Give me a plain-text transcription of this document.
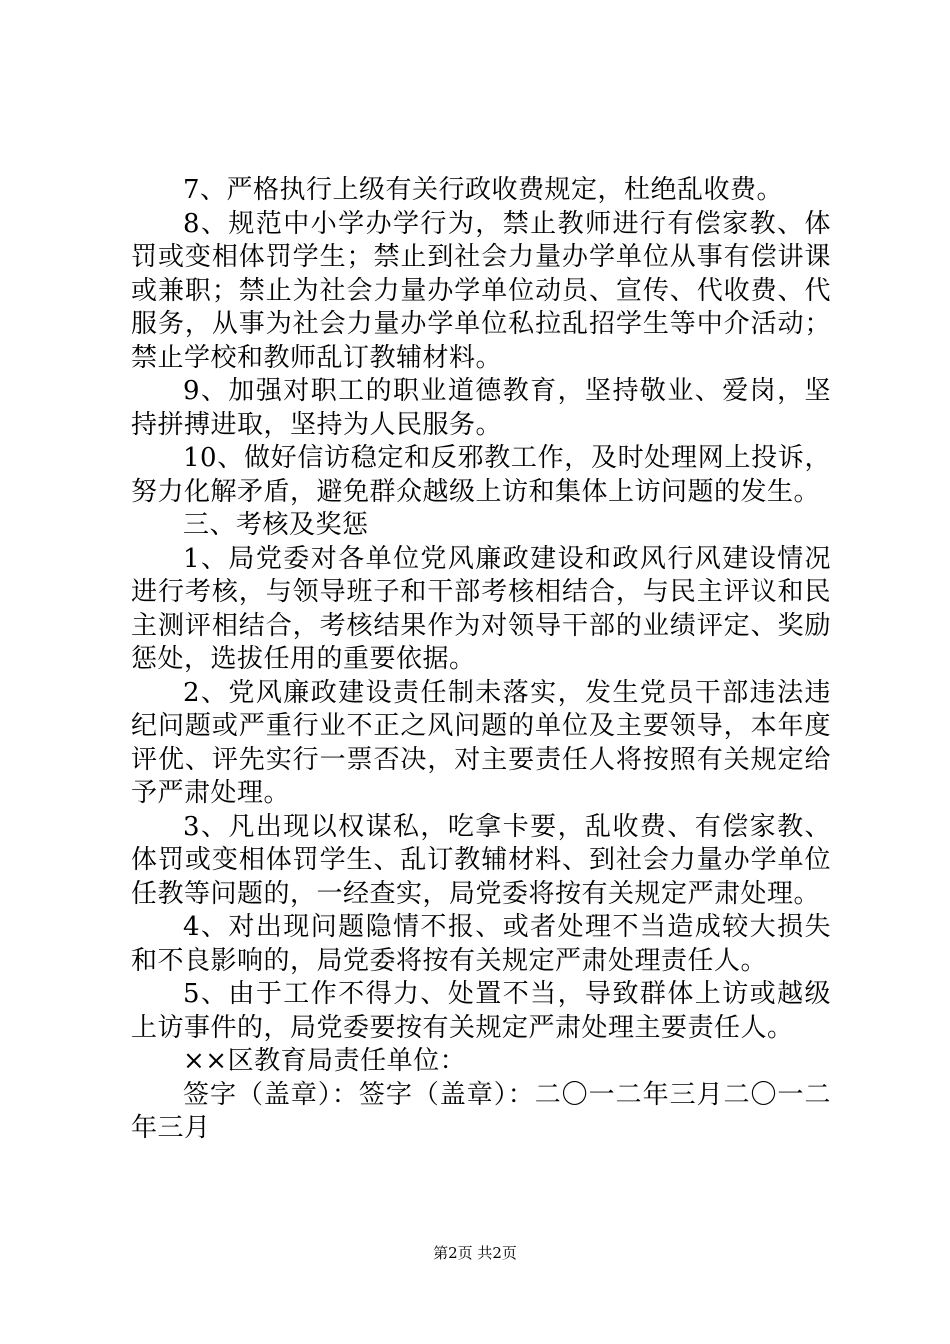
7、严格执行上级有关行政收费规定，杜绝乱收费。

8、规范中小学办学行为，禁止教师进行有偿家教、体罚或变相体罚学生；禁止到社会力量办学单位从事有偿讲课或兼职；禁止为社会力量办学单位动员、宣传、代收费、代服务，从事为社会力量办学单位私拉乱招学生等中介活动；禁止学校和教师乱订教辅材料。

9、加强对职工的职业道德教育，坚持敬业、爱岗，坚持拼搏进取，坚持为人民服务。

10、做好信访稳定和反邪教工作，及时处理网上投诉，努力化解矛盾，避免群众越级上访和集体上访问题的发生。

三、考核及奖惩

1、局党委对各单位党风廉政建设和政风行风建设情况进行考核，与领导班子和干部考核相结合，与民主评议和民主测评相结合，考核结果作为对领导干部的业绩评定、奖励惩处，选拔任用的重要依据。

2、党风廉政建设责任制未落实，发生党员干部违法违纪问题或严重行业不正之风问题的单位及主要领导，本年度评优、评先实行一票否决，对主要责任人将按照有关规定给予严肃处理。

3、凡出现以权谋私，吃拿卡要，乱收费、有偿家教、体罚或变相体罚学生、乱订教辅材料、到社会力量办学单位任教等问题的，一经查实，局党委将按有关规定严肃处理。

4、对出现问题隐情不报、或者处理不当造成较大损失和不良影响的，局党委将按有关规定严肃处理责任人。

5、由于工作不得力、处置不当，导致群体上访或越级上访事件的，局党委要按有关规定严肃处理主要责任人。

××区教育局责任单位：

签字（盖章）：签字（盖章）：二〇一二年三月二〇一二年三月

第2页 共2页
